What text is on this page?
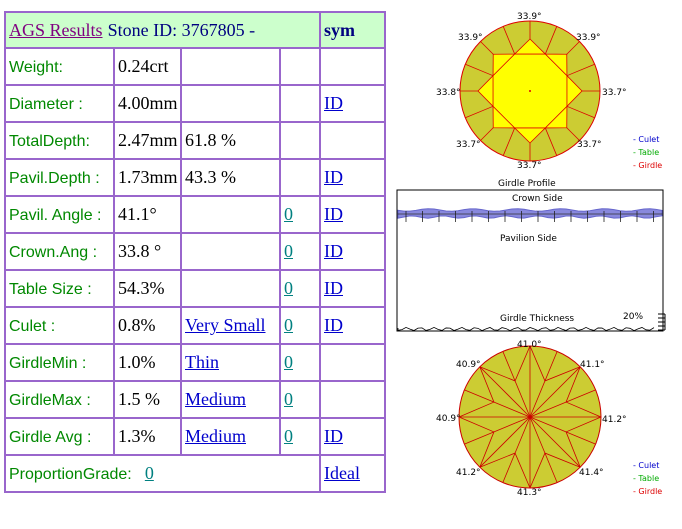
AGS Results Stone ID: 3767805 -				sym
Weight:	0.24crt			
Diameter :	4.00mm			ID
TotalDepth:	2.47mm	61.8 %		
Pavil.Depth :	1.73mm	43.3 %		ID
Pavil. Angle :	41.1°		0	ID
Crown.Ang :	33.8 °		0	ID
Table Size :	54.3%		0	ID
Culet :	0.8%	Very Small	0	ID
GirdleMin :	1.0%	Thin	0	
GirdleMax :	1.5 %	Medium	0	
Girdle Avg :	1.3%	Medium	0	ID
ProportionGrade: 0				Ideal
33.9°
33.9°	33.9°
33.8°	33.7°
33.7°	33.7°
33.7°
- Culet
- Table
- Girdle
Girdle Profile
Crown Side
Pavilion Side
Girdle Thickness	20%
41.0°
40.9°	41.1°
40.9°	41.2°
41.2°	41.4°
41.3°
- Culet
- Table
- Girdle
